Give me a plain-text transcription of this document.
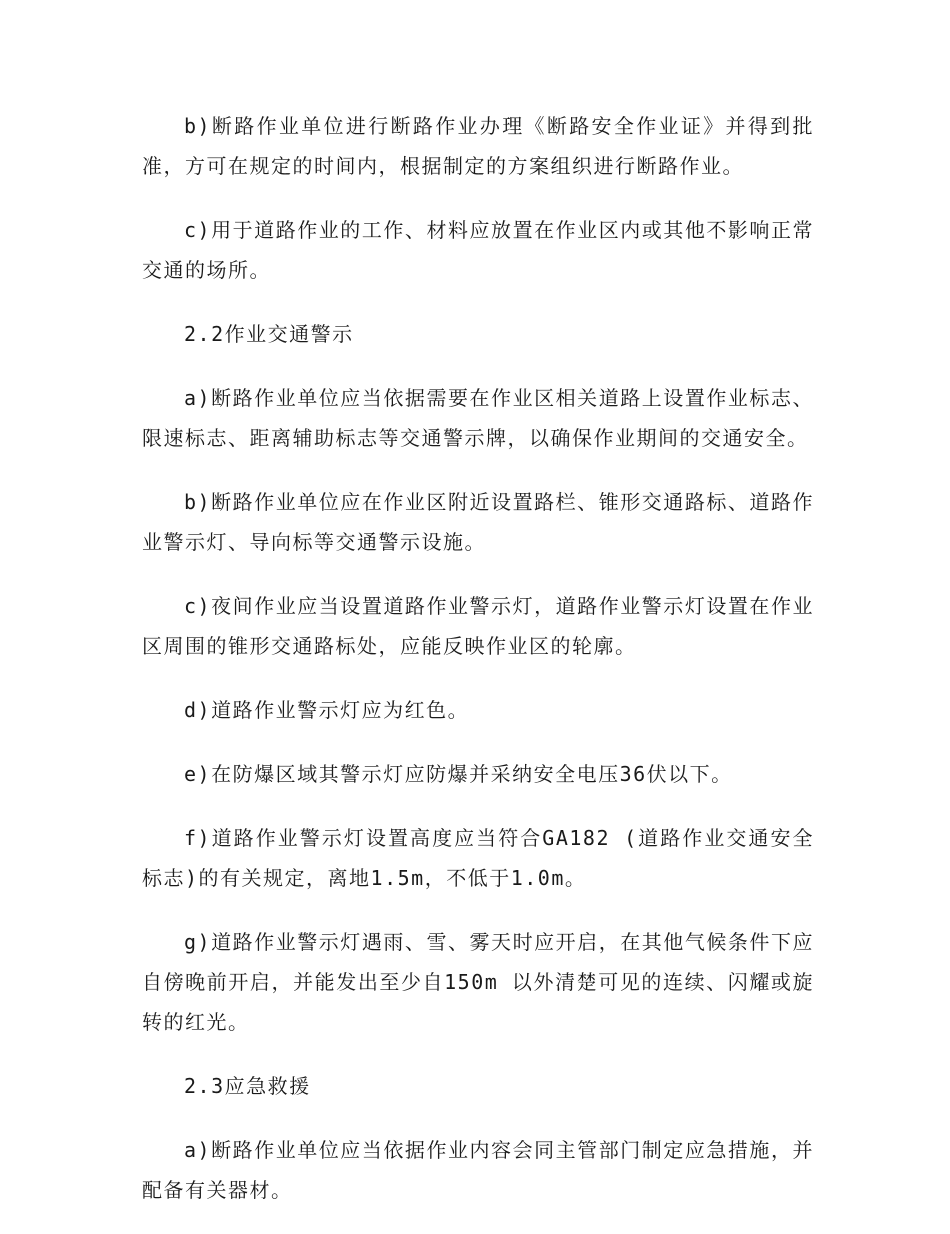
b)断路作业单位进行断路作业办理《断路安全作业证》并得到批准，方可在规定的时间内，根据制定的方案组织进行断路作业。

c)用于道路作业的工作、材料应放置在作业区内或其他不影响正常交通的场所。

2.2作业交通警示

a)断路作业单位应当依据需要在作业区相关道路上设置作业标志、限速标志、距离辅助标志等交通警示牌，以确保作业期间的交通安全。

b)断路作业单位应在作业区附近设置路栏、锥形交通路标、道路作业警示灯、导向标等交通警示设施。

c)夜间作业应当设置道路作业警示灯，道路作业警示灯设置在作业区周围的锥形交通路标处，应能反映作业区的轮廓。

d)道路作业警示灯应为红色。

e)在防爆区域其警示灯应防爆并采纳安全电压36伏以下。

f)道路作业警示灯设置高度应当符合GA182 (道路作业交通安全标志)的有关规定，离地1.5m，不低于1.0m。

g)道路作业警示灯遇雨、雪、雾天时应开启，在其他气候条件下应自傍晚前开启，并能发出至少自150m 以外清楚可见的连续、闪耀或旋转的红光。

2.3应急救援

a)断路作业单位应当依据作业内容会同主管部门制定应急措施，并配备有关器材。
